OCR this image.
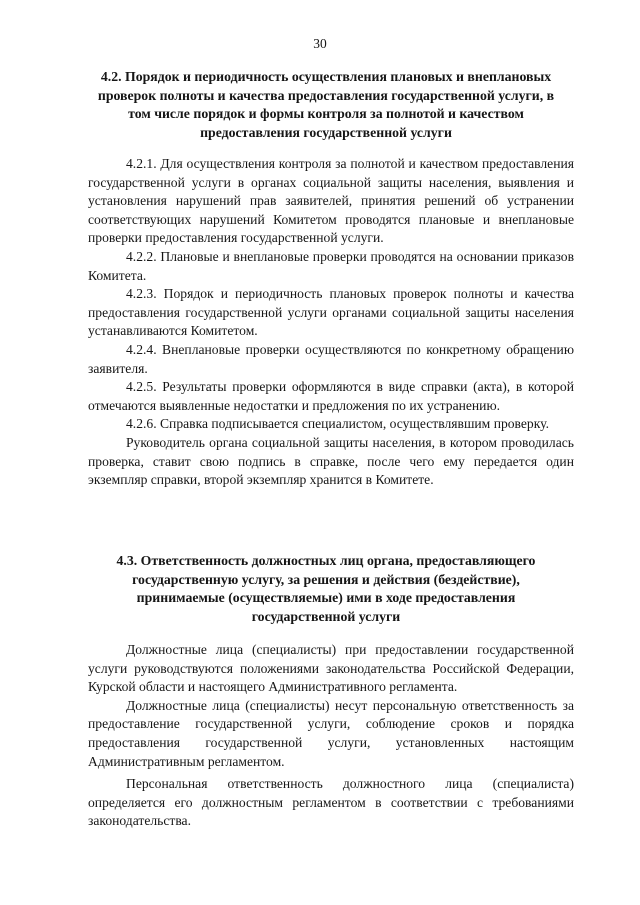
30
4.2. Порядок и периодичность осуществления плановых и внеплановых проверок полноты и качества предоставления государственной услуги, в том числе порядок и формы контроля за полнотой и качеством предоставления государственной услуги

4.2.1. Для осуществления контроля за полнотой и качеством предоставления государственной услуги в органах социальной защиты населения, выявления и установления нарушений прав заявителей, принятия решений об устранении соответствующих нарушений Комитетом проводятся плановые и внеплановые проверки предоставления государственной услуги.

4.2.2. Плановые и внеплановые проверки проводятся на основании приказов Комитета.

4.2.3. Порядок и периодичность плановых проверок полноты и качества предоставления государственной услуги органами социальной защиты населения устанавливаются Комитетом.

4.2.4. Внеплановые проверки осуществляются по конкретному обращению заявителя.

4.2.5. Результаты проверки оформляются в виде справки (акта), в которой отмечаются выявленные недостатки и предложения по их устранению.

4.2.6. Справка подписывается специалистом, осуществлявшим проверку.

Руководитель органа социальной защиты населения, в котором проводилась проверка, ставит свою подпись в справке, после чего ему передается один экземпляр справки, второй экземпляр хранится в Комитете.

4.3. Ответственность должностных лиц органа, предоставляющего государственную услугу, за решения и действия (бездействие), принимаемые (осуществляемые) ими в ходе предоставления государственной услуги

Должностные лица (специалисты) при предоставлении государственной услуги руководствуются положениями законодательства Российской Федерации, Курской области и настоящего Административного регламента.

Должностные лица (специалисты) несут персональную ответственность за предоставление государственной услуги, соблюдение сроков и порядка предоставления государственной услуги, установленных настоящим Административным регламентом.

Персональная ответственность должностного лица (специалиста) определяется его должностным регламентом в соответствии с требованиями законодательства.
